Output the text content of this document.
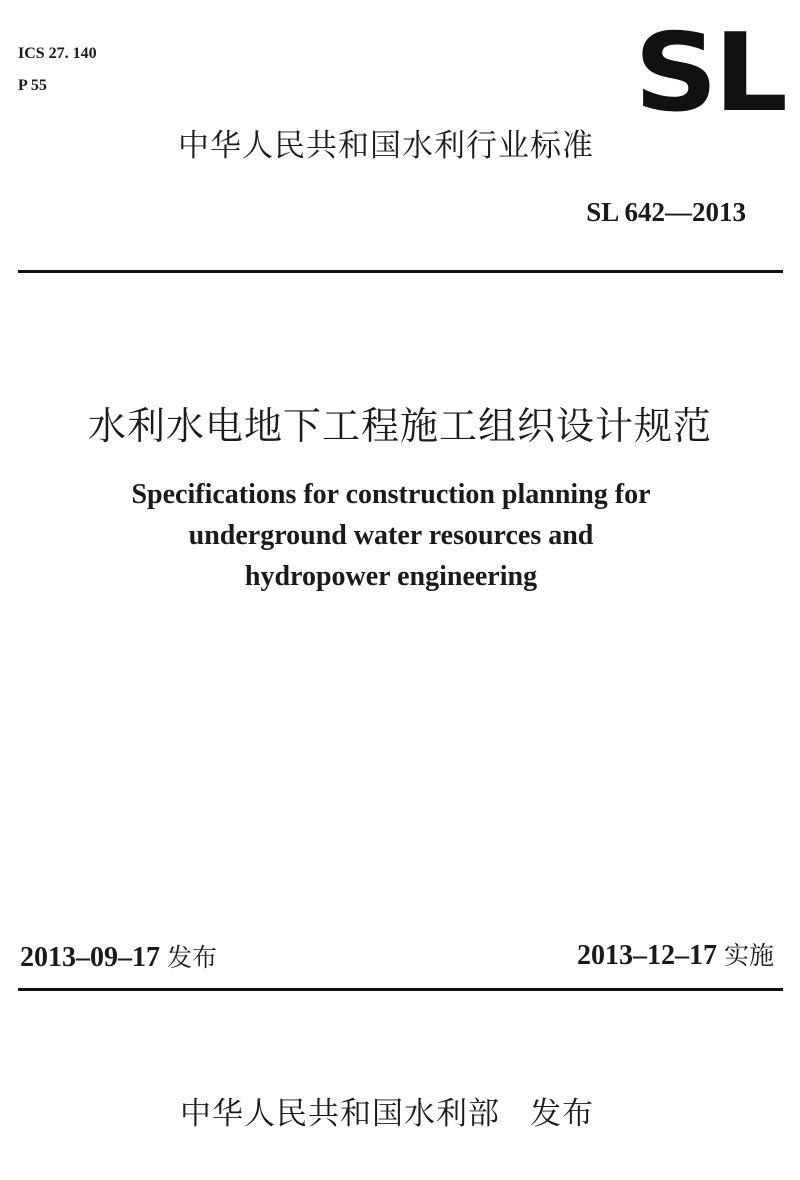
ICS 27. 140
P 55	SL
中华人民共和国水利行业标准
SL 642—2013
水利水电地下工程施工组织设计规范
Specifications for construction planning for
underground water resources and
hydropower engineering
2013–09–17 发布	2013–12–17 实施
中华人民共和国水利部 发布
